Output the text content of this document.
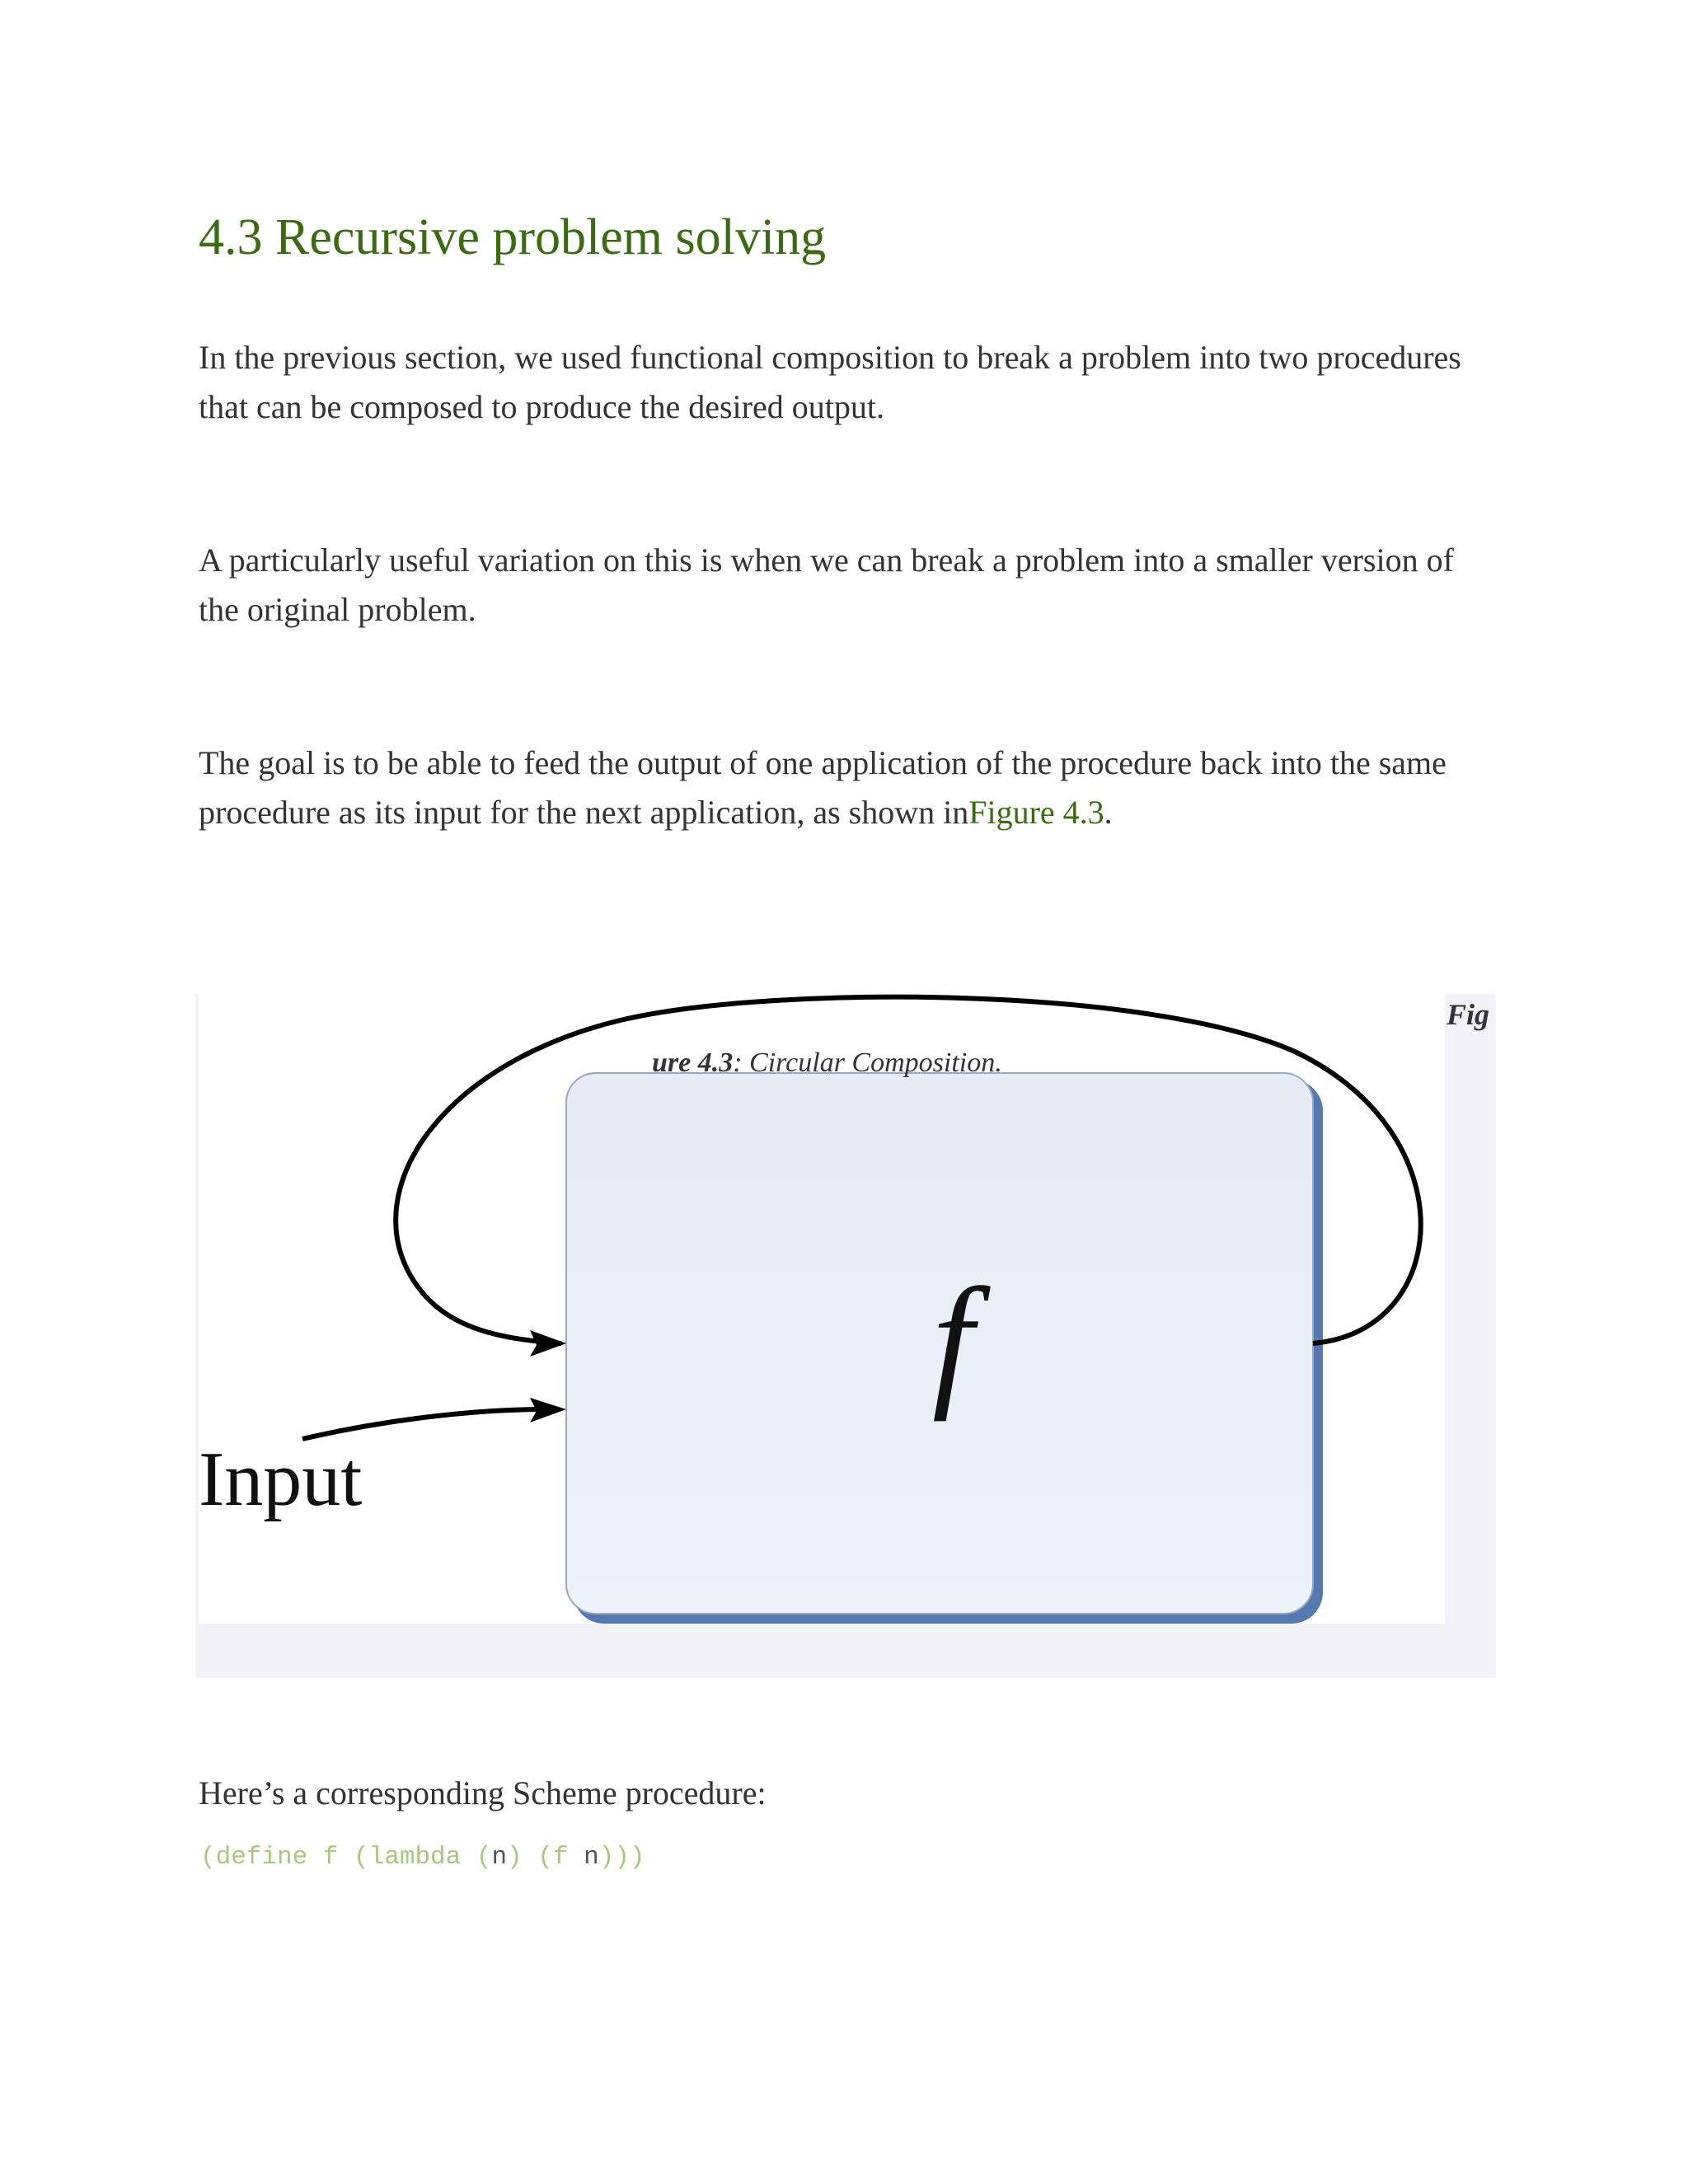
4.3 Recursive problem solving

In the previous section, we used functional composition to break a problem into two procedures that can be composed to produce the desired output.

A particularly useful variation on this is when we can break a problem into a smaller version of the original problem.

The goal is to be able to feed the output of one application of the procedure back into the same procedure as its input for the next application, as shown inFigure 4.3.

f
Input
ure 4.3: Circular Composition.
Fig

Here’s a corresponding Scheme procedure:

(define f (lambda (n) (f n)))
